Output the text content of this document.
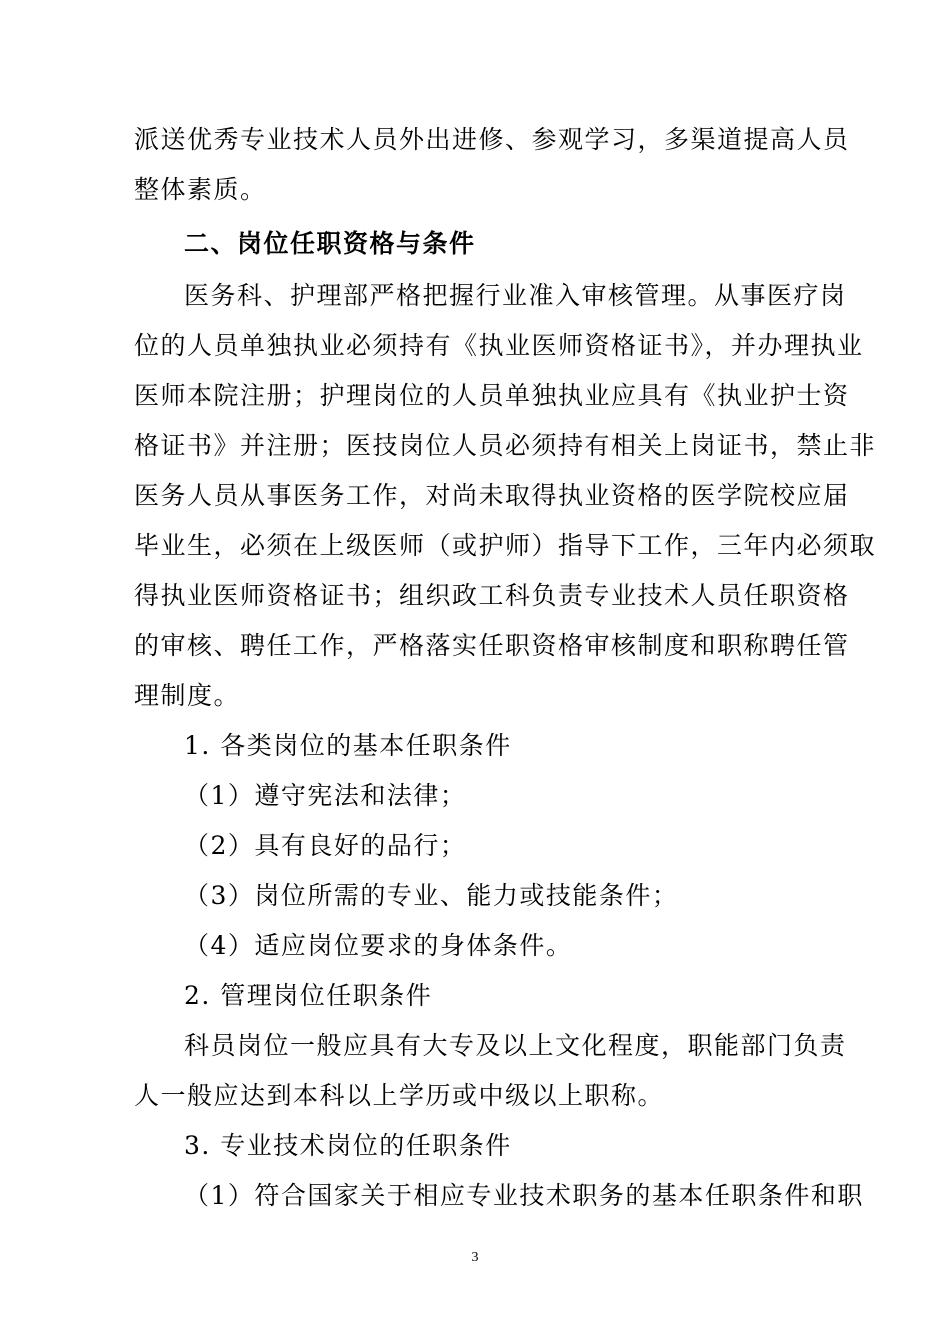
派送优秀专业技术人员外出进修、参观学习，多渠道提高人员
整体素质。
二、岗位任职资格与条件
医务科、护理部严格把握行业准入审核管理。从事医疗岗
位的人员单独执业必须持有《执业医师资格证书》，并办理执业
医师本院注册；护理岗位的人员单独执业应具有《执业护士资
格证书》并注册；医技岗位人员必须持有相关上岗证书，禁止非
医务人员从事医务工作，对尚未取得执业资格的医学院校应届
毕业生，必须在上级医师（或护师）指导下工作，三年内必须取
得执业医师资格证书；组织政工科负责专业技术人员任职资格
的审核、聘任工作，严格落实任职资格审核制度和职称聘任管
理制度。
1. 各类岗位的基本任职条件
（1）遵守宪法和法律；
（2）具有良好的品行；
（3）岗位所需的专业、能力或技能条件；
（4）适应岗位要求的身体条件。
2. 管理岗位任职条件
科员岗位一般应具有大专及以上文化程度，职能部门负责
人一般应达到本科以上学历或中级以上职称。
3. 专业技术岗位的任职条件
（1）符合国家关于相应专业技术职务的基本任职条件和职
3
